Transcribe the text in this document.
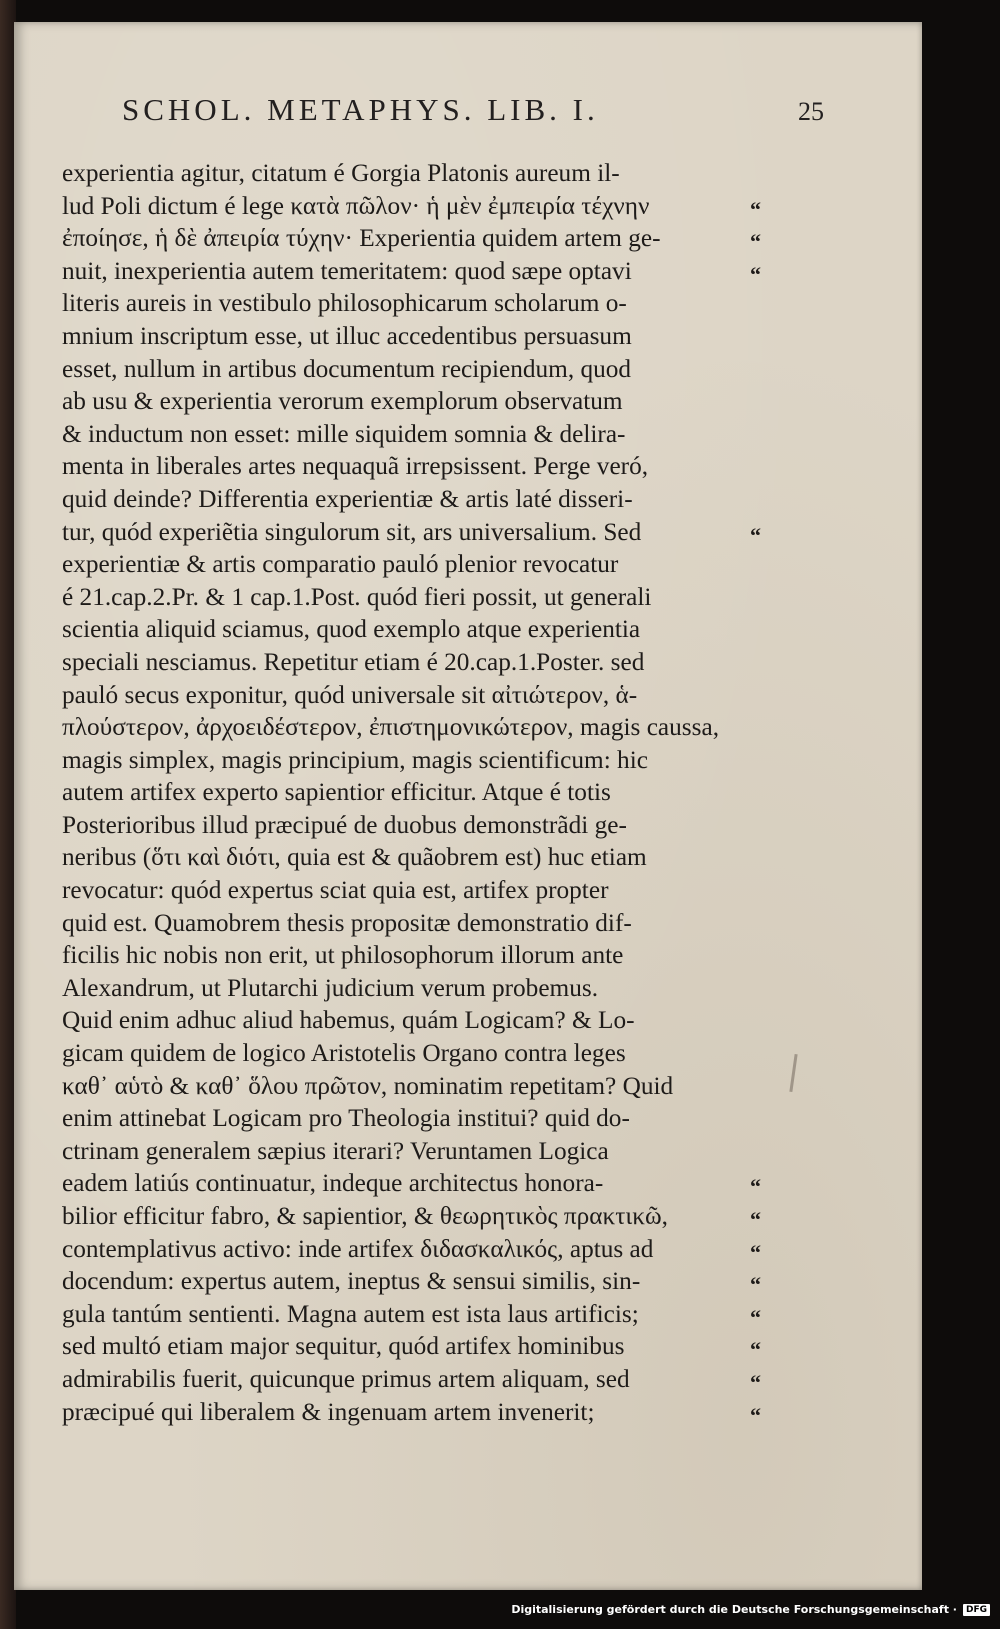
SCHOL. METAPHYS. LIB. I.	25
experientia agitur, citatum é Gorgia Platonis aureum il-
lud Poli dictum é lege κατὰ πῶλον· ἡ μὲν ἐμπειρία τέχνην	“
ἐποίησε, ἡ δὲ ἀπειρία τύχην· Experientia quidem artem ge-	“
nuit, inexperientia autem temeritatem: quod sæpe optavi	“
literis aureis in vestibulo philosophicarum scholarum o-
mnium inscriptum esse, ut illuc accedentibus persuasum
esset, nullum in artibus documentum recipiendum, quod
ab usu & experientia verorum exemplorum observatum
& inductum non esset: mille siquidem somnia & delira-
menta in liberales artes nequaquã irrepsissent. Perge veró,
quid deinde? Differentia experientiæ & artis laté disseri-
tur, quód experiẽtia singulorum sit, ars universalium. Sed	“
experientiæ & artis comparatio pauló plenior revocatur
é 21.cap.2.Pr. & 1 cap.1.Post. quód fieri possit, ut generali
scientia aliquid sciamus, quod exemplo atque experientia
speciali nesciamus. Repetitur etiam é 20.cap.1.Poster. sed
pauló secus exponitur, quód universale sit αἰτιώτερον, ἁ-
πλούστερον, ἀρχοειδέστερον, ἐπιστημονικώτερον, magis caussa,
magis simplex, magis principium, magis scientificum: hic
autem artifex experto sapientior efficitur. Atque é totis
Posterioribus illud præcipué de duobus demonstrãdi ge-
neribus (ὅτι καὶ διότι, quia est & quãobrem est) huc etiam
revocatur: quód expertus sciat quia est, artifex propter
quid est. Quamobrem thesis propositæ demonstratio dif-
ficilis hic nobis non erit, ut philosophorum illorum ante
Alexandrum, ut Plutarchi judicium verum probemus.
Quid enim adhuc aliud habemus, quám Logicam? & Lo-
gicam quidem de logico Aristotelis Organo contra leges
καθ᾽ αὑτὸ & καθ᾽ ὅλου πρῶτον, nominatim repetitam? Quid
enim attinebat Logicam pro Theologia institui? quid do-
ctrinam generalem sæpius iterari? Veruntamen Logica
eadem latiús continuatur, indeque architectus honora-	“
bilior efficitur fabro, & sapientior, & θεωρητικὸς πρακτικῶ,	“
contemplativus activo: inde artifex διδασκαλικός, aptus ad	“
docendum: expertus autem, ineptus & sensui similis, sin-	“
gula tantúm sentienti. Magna autem est ista laus artificis;	“
sed multó etiam major sequitur, quód artifex hominibus	“
admirabilis fuerit, quicunque primus artem aliquam, sed	“
præcipué qui liberalem & ingenuam artem invenerit;	“
Digitalisierung gefördert durch die Deutsche Forschungsgemeinschaft ·	DFG
